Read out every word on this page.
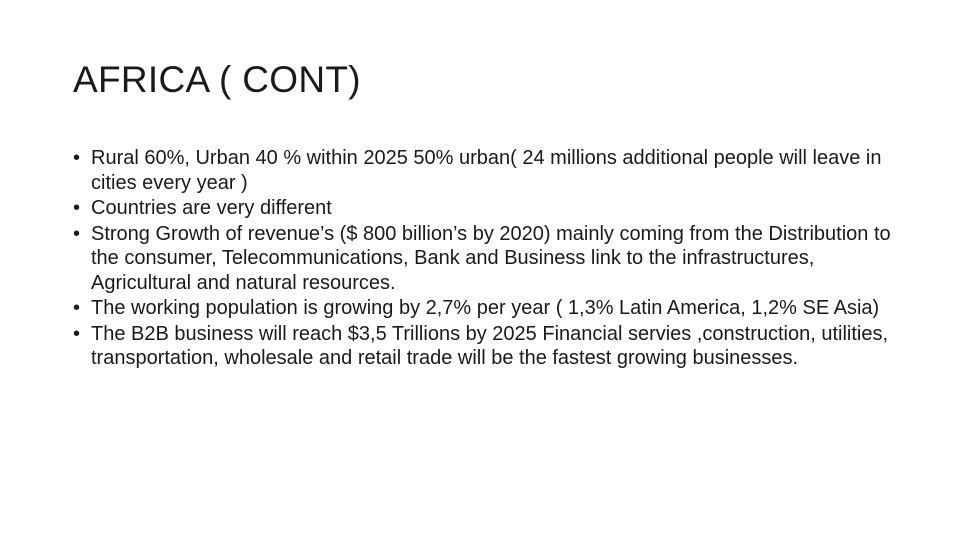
AFRICA ( CONT)
• Rural 60%, Urban 40 % within 2025 50% urban( 24 millions additional people will leave in cities every year )
• Countries are very different
• Strong Growth of revenue’s ($ 800 billion’s by 2020) mainly coming from the Distribution to the consumer, Telecommunications, Bank and Business link to the infrastructures, Agricultural and natural resources.
• The working population is growing by 2,7% per year ( 1,3% Latin America, 1,2% SE Asia)
• The B2B business will reach $3,5 Trillions by 2025 Financial servies ,construction, utilities, transportation, wholesale and retail trade will be the fastest growing businesses.
